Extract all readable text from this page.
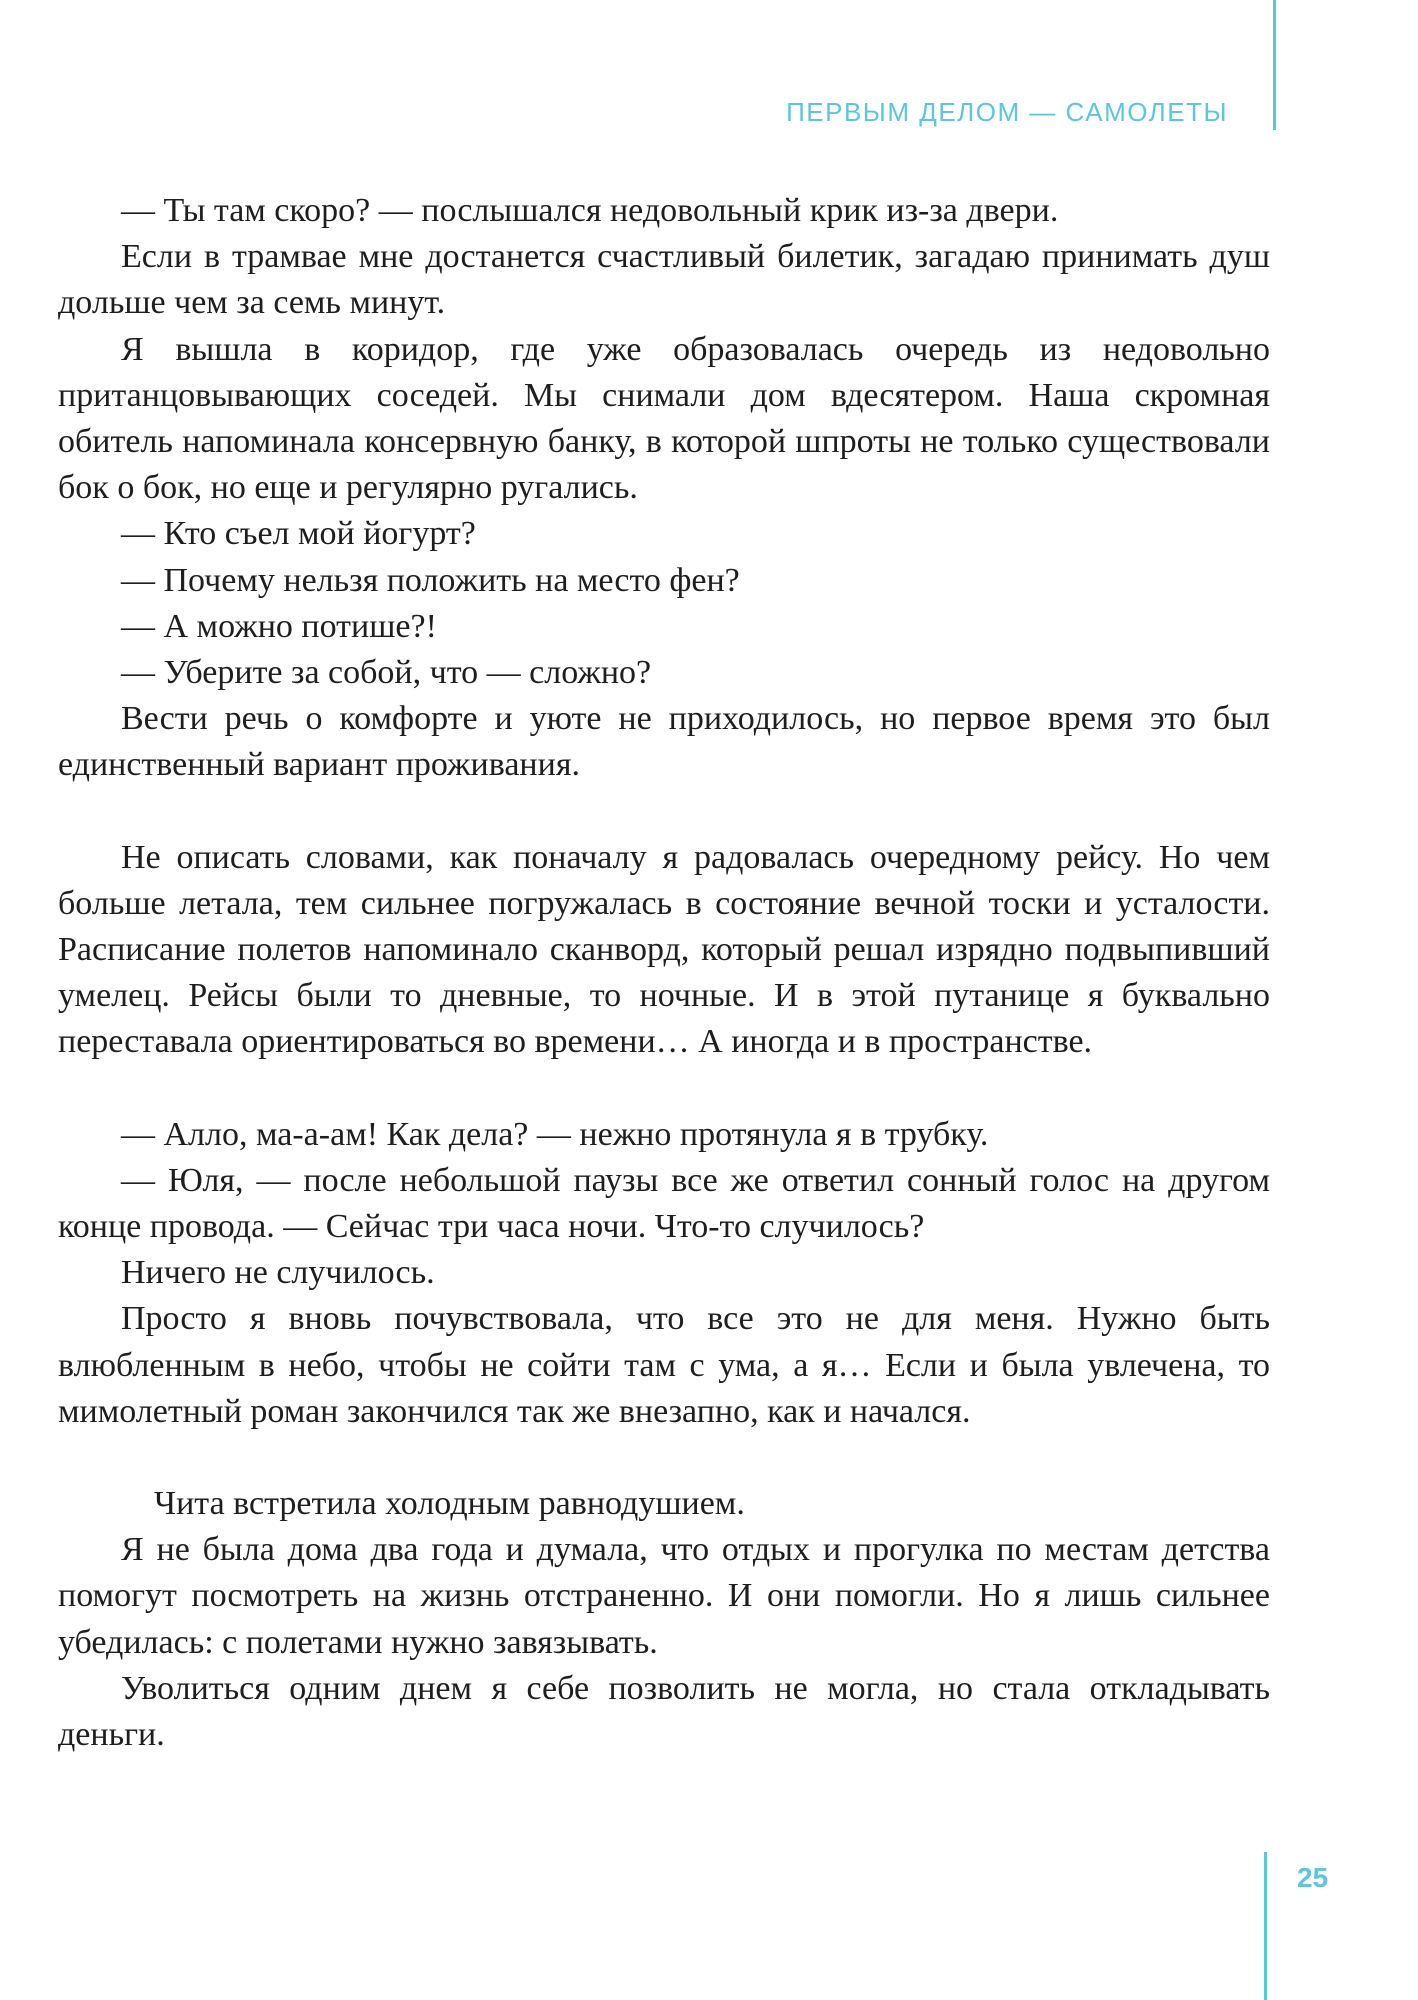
ПЕРВЫМ ДЕЛОМ — САМОЛЕТЫ

— Ты там скоро? — послышался недовольный крик из-за двери.

Если в трамвае мне достанется счастливый билетик, загадаю принимать душ дольше чем за семь минут.

Я вышла в коридор, где уже образовалась очередь из недовольно пританцовывающих соседей. Мы снимали дом вдесятером. Наша скромная обитель напоминала консервную банку, в которой шпроты не только существовали бок о бок, но еще и регулярно ругались.

— Кто съел мой йогурт?

— Почему нельзя положить на место фен?

— А можно потише?!

— Уберите за собой, что — сложно?

Вести речь о комфорте и уюте не приходилось, но первое время это был единственный вариант проживания.

Не описать словами, как поначалу я радовалась очередному рейсу. Но чем больше летала, тем сильнее погружалась в состояние вечной тоски и усталости. Расписание полетов напоминало сканворд, который решал изрядно подвыпивший умелец. Рейсы были то дневные, то ночные. И в этой путанице я буквально переставала ориентироваться во времени… А иногда и в пространстве.

— Алло, ма-а-ам! Как дела? — нежно протянула я в трубку.

— Юля, — после небольшой паузы все же ответил сонный голос на другом конце провода. — Сейчас три часа ночи. Что-то случилось?

Ничего не случилось.

Просто я вновь почувствовала, что все это не для меня. Нужно быть влюбленным в небо, чтобы не сойти там с ума, а я… Если и была увлечена, то мимолетный роман закончился так же внезапно, как и начался.

Чита встретила холодным равнодушием.

Я не была дома два года и думала, что отдых и прогулка по местам детства помогут посмотреть на жизнь отстраненно. И они помогли. Но я лишь сильнее убедилась: с полетами нужно завязывать.

Уволиться одним днем я себе позволить не могла, но стала откладывать деньги.

25
